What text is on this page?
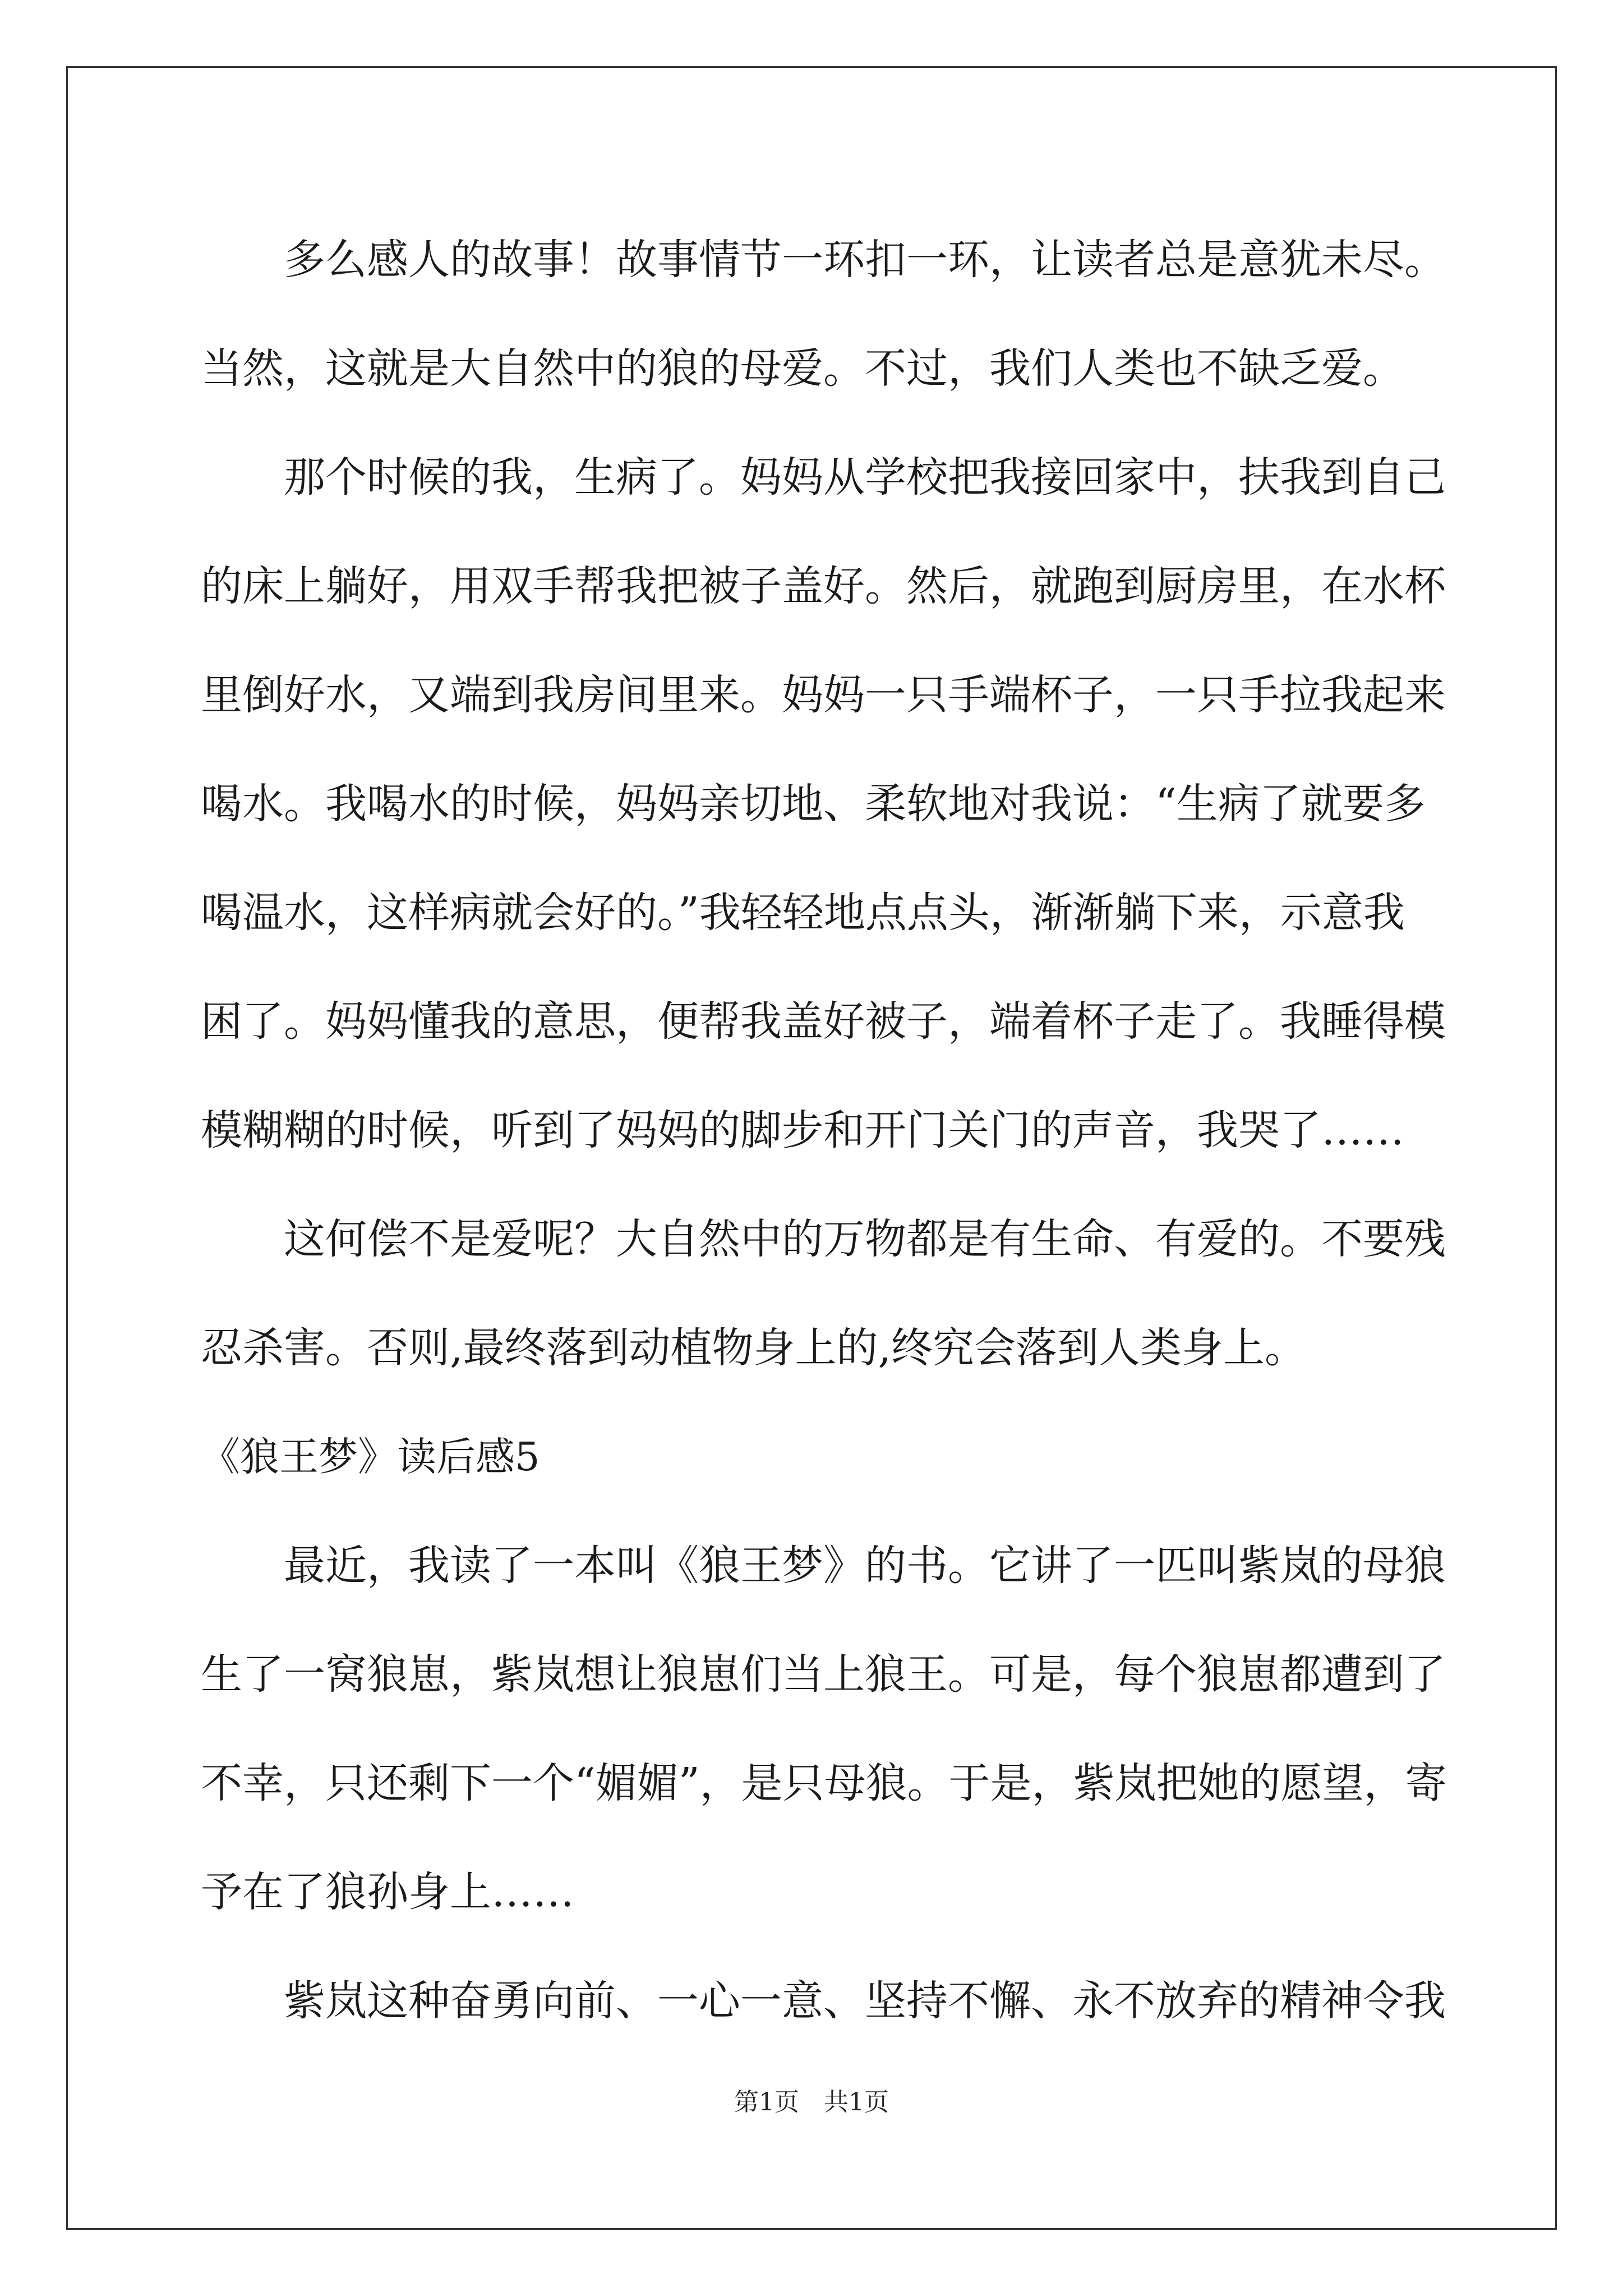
多么感人的故事！故事情节一环扣一环，让读者总是意犹未尽。
当然，这就是大自然中的狼的母爱。不过，我们人类也不缺乏爱。
那个时候的我，生病了。妈妈从学校把我接回家中，扶我到自己
的床上躺好，用双手帮我把被子盖好。然后，就跑到厨房里，在水杯
里倒好水，又端到我房间里来。妈妈一只手端杯子，一只手拉我起来
喝水。我喝水的时候，妈妈亲切地、柔软地对我说：“生病了就要多
喝温水，这样病就会好的。”我轻轻地点点头，渐渐躺下来，示意我
困了。妈妈懂我的意思，便帮我盖好被子，端着杯子走了。我睡得模
模糊糊的时候，听到了妈妈的脚步和开门关门的声音，我哭了……
这何偿不是爱呢？大自然中的万物都是有生命、有爱的。不要残
忍杀害。否则,最终落到动植物身上的,终究会落到人类身上。
《狼王梦》读后感5
最近，我读了一本叫《狼王梦》的书。它讲了一匹叫紫岚的母狼
生了一窝狼崽，紫岚想让狼崽们当上狼王。可是，每个狼崽都遭到了
不幸，只还剩下一个“媚媚”，是只母狼。于是，紫岚把她的愿望，寄
予在了狼孙身上……
紫岚这种奋勇向前、一心一意、坚持不懈、永不放弃的精神令我
第1页　共1页
